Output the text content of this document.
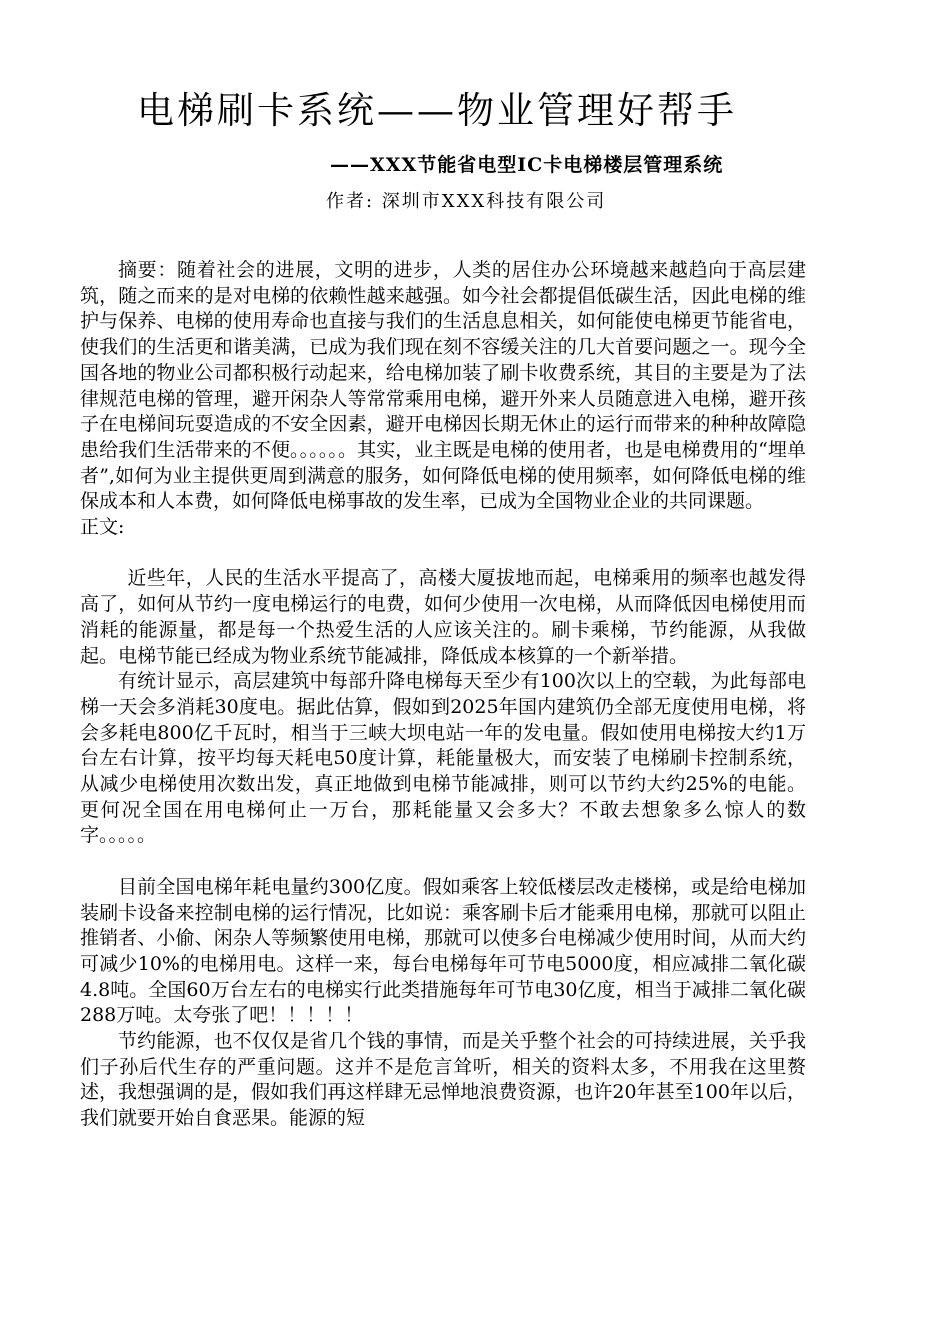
电梯刷卡系统——物业管理好帮手
——XXX节能省电型IC卡电梯楼层管理系统
作者: 深圳市XXX科技有限公司

摘要：随着社会的进展，文明的进步，人类的居住办公环境越来越趋向于高层建筑，随之而来的是对电梯的依赖性越来越强。如今社会都提倡低碳生活，因此电梯的维护与保养、电梯的使用寿命也直接与我们的生活息息相关，如何能使电梯更节能省电，使我们的生活更和谐美满，已成为我们现在刻不容缓关注的几大首要问题之一。现今全国各地的物业公司都积极行动起来，给电梯加装了刷卡收费系统，其目的主要是为了法律规范电梯的管理，避开闲杂人等常常乘用电梯，避开外来人员随意进入电梯，避开孩子在电梯间玩耍造成的不安全因素，避开电梯因长期无休止的运行而带来的种种故障隐患给我们生活带来的不便。。。。。。其实，业主既是电梯的使用者，也是电梯费用的“埋单者”,如何为业主提供更周到满意的服务，如何降低电梯的使用频率，如何降低电梯的维保成本和人本费，如何降低电梯事故的发生率，已成为全国物业企业的共同课题。

正文:

近些年，人民的生活水平提高了，高楼大厦拔地而起，电梯乘用的频率也越发得高了，如何从节约一度电梯运行的电费，如何少使用一次电梯，从而降低因电梯使用而消耗的能源量，都是每一个热爱生活的人应该关注的。刷卡乘梯，节约能源，从我做起。电梯节能已经成为物业系统节能减排，降低成本核算的一个新举措。

有统计显示，高层建筑中每部升降电梯每天至少有100次以上的空载，为此每部电梯一天会多消耗30度电。据此估算，假如到2025年国内建筑仍全部无度使用电梯，将会多耗电800亿千瓦时，相当于三峡大坝电站一年的发电量。假如使用电梯按大约1万台左右计算，按平均每天耗电50度计算，耗能量极大，而安装了电梯刷卡控制系统，从减少电梯使用次数出发，真正地做到电梯节能减排，则可以节约大约25%的电能。更何况全国在用电梯何止一万台，那耗能量又会多大？不敢去想象多么惊人的数字。。。。。

目前全国电梯年耗电量约300亿度。假如乘客上较低楼层改走楼梯，或是给电梯加装刷卡设备来控制电梯的运行情况，比如说：乘客刷卡后才能乘用电梯，那就可以阻止推销者、小偷、闲杂人等频繁使用电梯，那就可以使多台电梯减少使用时间，从而大约可减少10%的电梯用电。这样一来，每台电梯每年可节电5000度，相应减排二氧化碳4.8吨。全国60万台左右的电梯实行此类措施每年可节电30亿度，相当于减排二氧化碳288万吨。太夸张了吧！！！！！

节约能源，也不仅仅是省几个钱的事情，而是关乎整个社会的可持续进展，关乎我们子孙后代生存的严重问题。这并不是危言耸听，相关的资料太多，不用我在这里赘述，我想强调的是，假如我们再这样肆无忌惮地浪费资源，也许20年甚至100年以后，我们就要开始自食恶果。能源的短
